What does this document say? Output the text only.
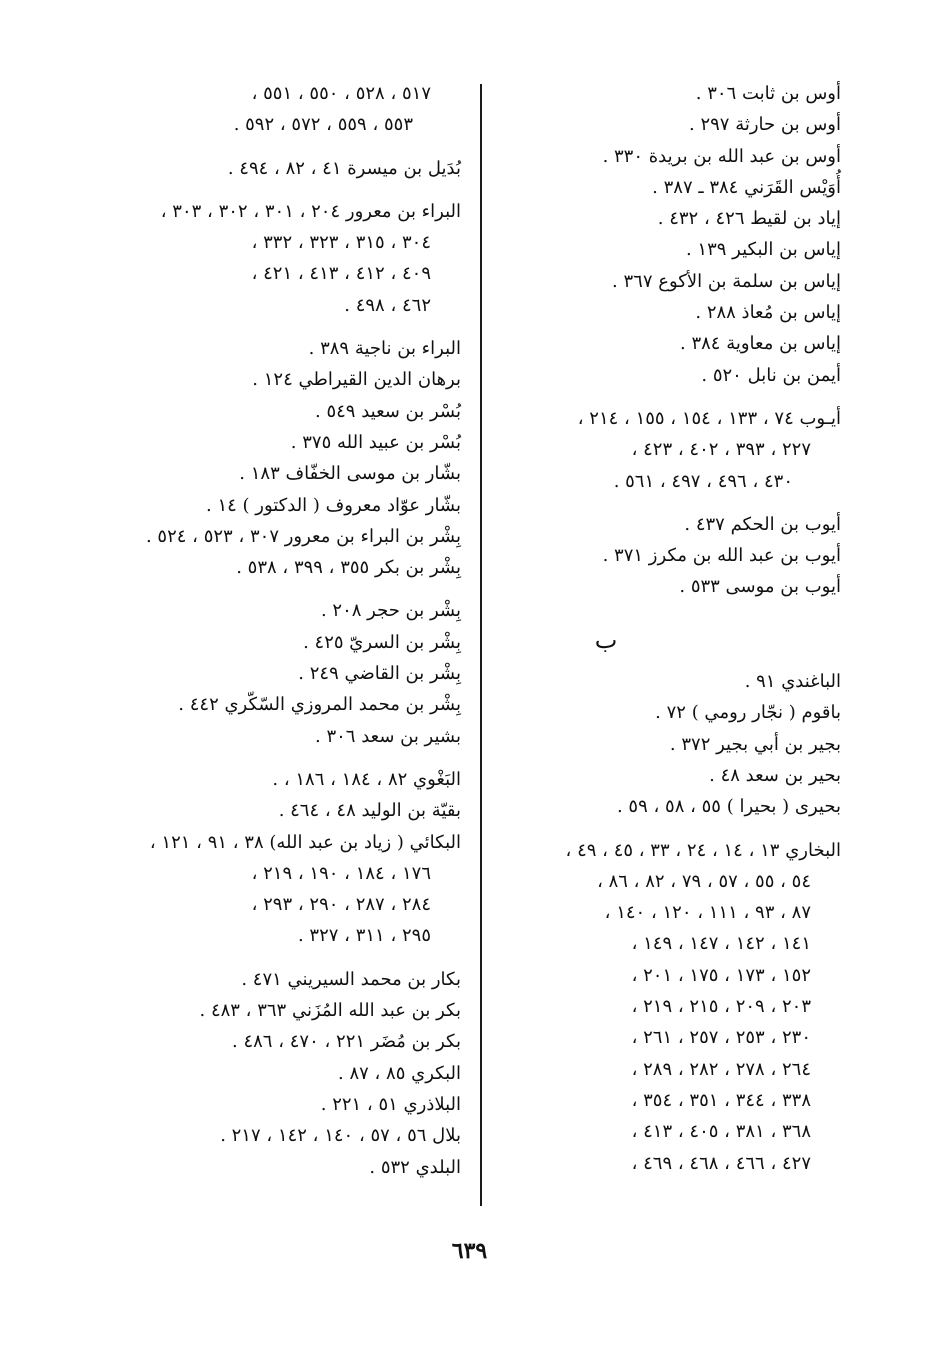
أوس بن ثابت ٣٠٦ .
أوس بن حارثة ٢٩٧ .
أوس بن عبد الله بن بريدة ٣٣٠ .
أُوَيْس القَرَني ٣٨٤ ـ ٣٨٧ .
إياد بن لقيط ٤٢٦ ، ٤٣٢ .
إياس بن البكير ١٣٩ .
إياس بن سلمة بن الأكوع ٣٦٧ .
إياس بن مُعاذ ٢٨٨ .
إياس بن معاوية ٣٨٤ .
أيمن بن نابل ٥٢٠ .
أيـوب ٧٤ ، ١٣٣ ، ١٥٤ ، ١٥٥ ، ٢١٤ ،
٢٢٧ ، ٣٩٣ ، ٤٠٢ ، ٤٢٣ ،
٤٣٠ ، ٤٩٦ ، ٤٩٧ ، ٥٦١ .
أيوب بن الحكم ٤٣٧ .
أيوب بن عبد الله بن مكرز ٣٧١ .
أيوب بن موسى ٥٣٣ .
ب
الباغندي ٩١ .
باقوم ( نجّار رومي ) ٧٢ .
بجير بن أبي بجير ٣٧٢ .
بحير بن سعد ٤٨ .
بحيرى ( بحيرا ) ٥٥ ، ٥٨ ، ٥٩ .
البخاري ١٣ ، ١٤ ، ٢٤ ، ٣٣ ، ٤٥ ، ٤٩ ،
٥٤ ، ٥٥ ، ٥٧ ، ٧٩ ، ٨٢ ، ٨٦ ،
٨٧ ، ٩٣ ، ١١١ ، ١٢٠ ، ١٤٠ ،
١٤١ ، ١٤٢ ، ١٤٧ ، ١٤٩ ،
١٥٢ ، ١٧٣ ، ١٧٥ ، ٢٠١ ،
٢٠٣ ، ٢٠٩ ، ٢١٥ ، ٢١٩ ،
٢٣٠ ، ٢٥٣ ، ٢٥٧ ، ٢٦١ ،
٢٦٤ ، ٢٧٨ ، ٢٨٢ ، ٢٨٩ ،
٣٣٨ ، ٣٤٤ ، ٣٥١ ، ٣٥٤ ،
٣٦٨ ، ٣٨١ ، ٤٠٥ ، ٤١٣ ،
٤٢٧ ، ٤٦٦ ، ٤٦٨ ، ٤٦٩ ،
٥١٧ ، ٥٢٨ ، ٥٥٠ ، ٥٥١ ،
٥٥٣ ، ٥٥٩ ، ٥٧٢ ، ٥٩٢ .
بُدَيل بن ميسرة ٤١ ، ٨٢ ، ٤٩٤ .
البراء بن معرور ٢٠٤ ، ٣٠١ ، ٣٠٢ ، ٣٠٣ ،
٣٠٤ ، ٣١٥ ، ٣٢٣ ، ٣٣٢ ،
٤٠٩ ، ٤١٢ ، ٤١٣ ، ٤٢١ ،
٤٦٢ ، ٤٩٨ .
البراء بن ناجية ٣٨٩ .
برهان الدين القيراطي ١٢٤ .
بُسْر بن سعيد ٥٤٩ .
بُسْر بن عبيد الله ٣٧٥ .
بشّار بن موسى الخفّاف ١٨٣ .
بشّار عوّاد معروف ( الدكتور ) ١٤ .
بِشْر بن البراء بن معرور ٣٠٧ ، ٥٢٣ ، ٥٢٤ .
بِشْر بن بكر ٣٥٥ ، ٣٩٩ ، ٥٣٨ .
بِشْر بن حجر ٢٠٨ .
بِشْر بن السريّ ٤٢٥ .
بِشْر بن القاضي ٢٤٩ .
بِشْر بن محمد المروزي السّكّري ٤٤٢ .
بشير بن سعد ٣٠٦ .
البَغْوي ٨٢ ، ١٨٤ ، ١٨٦ ، .
بقيّة بن الوليد ٤٨ ، ٤٦٤ .
البكائي ( زياد بن عبد الله) ٣٨ ، ٩١ ، ١٢١ ،
١٧٦ ، ١٨٤ ، ١٩٠ ، ٢١٩ ،
٢٨٤ ، ٢٨٧ ، ٢٩٠ ، ٢٩٣ ،
٢٩٥ ، ٣١١ ، ٣٢٧ .
بكار بن محمد السيريني ٤٧١ .
بكر بن عبد الله المُزَني ٣٦٣ ، ٤٨٣ .
بكر بن مُضَر ٢٢١ ، ٤٧٠ ، ٤٨٦ .
البكري ٨٥ ، ٨٧ .
البلاذري ٥١ ، ٢٢١ .
بلال ٥٦ ، ٥٧ ، ١٤٠ ، ١٤٢ ، ٢١٧ .
البلدي ٥٣٢ .
٦٣٩
